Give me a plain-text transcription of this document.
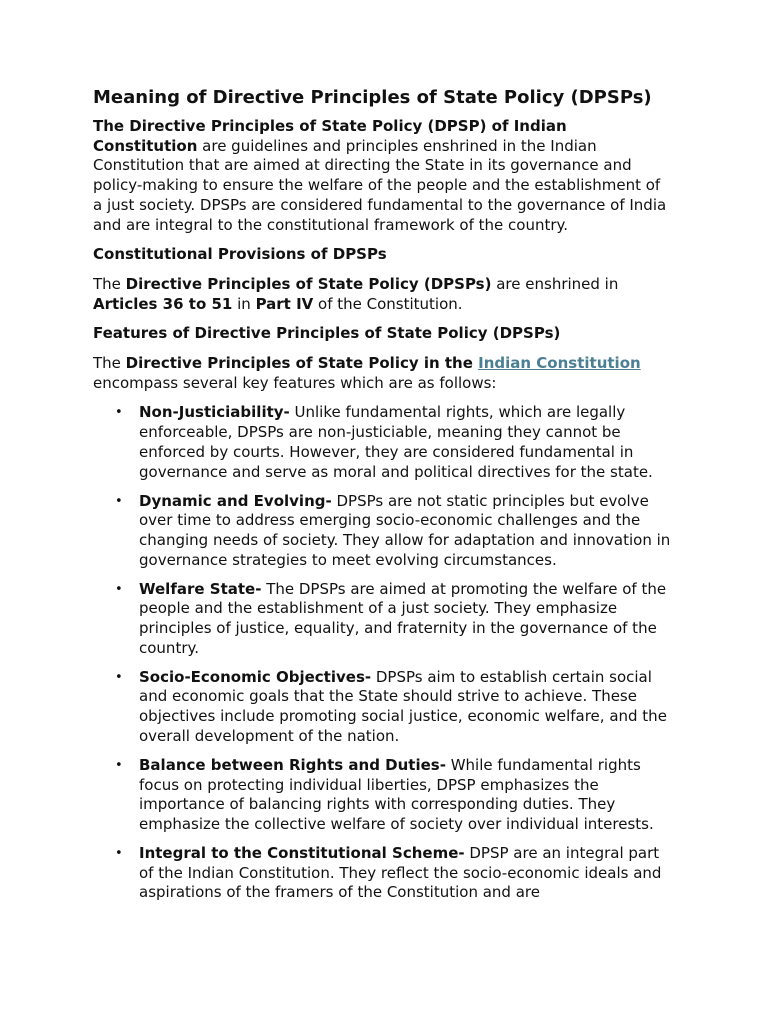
Meaning of Directive Principles of State Policy (DPSPs)

The Directive Principles of State Policy (DPSP) of Indian Constitution are guidelines and principles enshrined in the Indian Constitution that are aimed at directing the State in its governance and policy-making to ensure the welfare of the people and the establishment of a just society. DPSPs are considered fundamental to the governance of India and are integral to the constitutional framework of the country.

Constitutional Provisions of DPSPs

The Directive Principles of State Policy (DPSPs) are enshrined in Articles 36 to 51 in Part IV of the Constitution.

Features of Directive Principles of State Policy (DPSPs)

The Directive Principles of State Policy in the Indian Constitution encompass several key features which are as follows:

• Non-Justiciability- Unlike fundamental rights, which are legally enforceable, DPSPs are non-justiciable, meaning they cannot be enforced by courts. However, they are considered fundamental in governance and serve as moral and political directives for the state.
• Dynamic and Evolving- DPSPs are not static principles but evolve over time to address emerging socio-economic challenges and the changing needs of society. They allow for adaptation and innovation in governance strategies to meet evolving circumstances.
• Welfare State- The DPSPs are aimed at promoting the welfare of the people and the establishment of a just society. They emphasize principles of justice, equality, and fraternity in the governance of the country.
• Socio-Economic Objectives- DPSPs aim to establish certain social and economic goals that the State should strive to achieve. These objectives include promoting social justice, economic welfare, and the overall development of the nation.
• Balance between Rights and Duties- While fundamental rights focus on protecting individual liberties, DPSP emphasizes the importance of balancing rights with corresponding duties. They emphasize the collective welfare of society over individual interests.
• Integral to the Constitutional Scheme- DPSP are an integral part of the Indian Constitution. They reflect the socio-economic ideals and aspirations of the framers of the Constitution and are
